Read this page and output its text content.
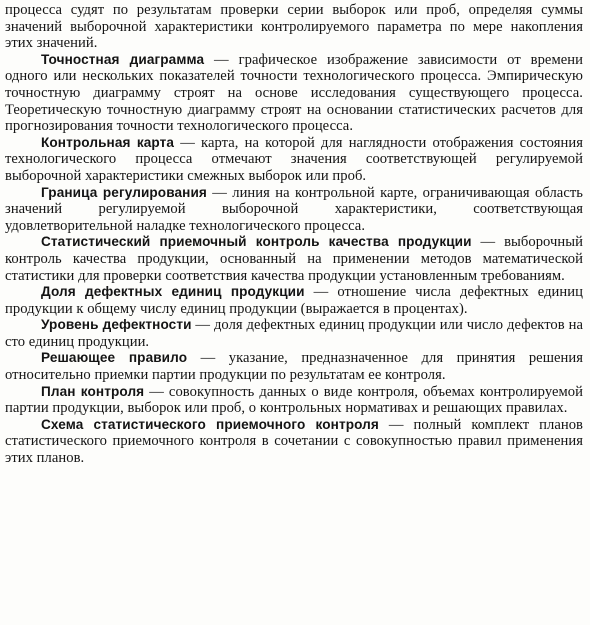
процесса судят по результатам проверки серии выборок или проб, определяя суммы значений выборочной характеристики контролируемого параметра по мере накопления этих значений.

Точностная диаграмма — графическое изображение зависимости от времени одного или нескольких показателей точности технологического процесса. Эмпирическую точностную диаграмму строят на основе исследования существующего процесса. Теоретическую точностную диаграмму строят на основании статистических расчетов для прогнозирования точности технологического процесса.

Контрольная карта — карта, на которой для наглядности отображения состояния технологического процесса отмечают значения соответствующей регулируемой выборочной характеристики смежных выборок или проб.

Граница регулирования — линия на контрольной карте, ограничивающая область значений регулируемой выборочной характеристики, соответствующая удовлетворительной наладке технологического процесса.

Статистический приемочный контроль качества продукции — выборочный контроль качества продукции, основанный на применении методов математической статистики для проверки соответствия качества продукции установленным требованиям.

Доля дефектных единиц продукции — отношение числа дефектных единиц продукции к общему числу единиц продукции (выражается в процентах).

Уровень дефектности — доля дефектных единиц продукции или число дефектов на сто единиц продукции.

Решающее правило — указание, предназначенное для принятия решения относительно приемки партии продукции по результатам ее контроля.

План контроля — совокупность данных о виде контроля, объемах контролируемой партии продукции, выборок или проб, о контрольных нормативах и решающих правилах.

Схема статистического приемочного контроля — полный комплект планов статистического приемочного контроля в сочетании с совокупностью правил применения этих планов.
